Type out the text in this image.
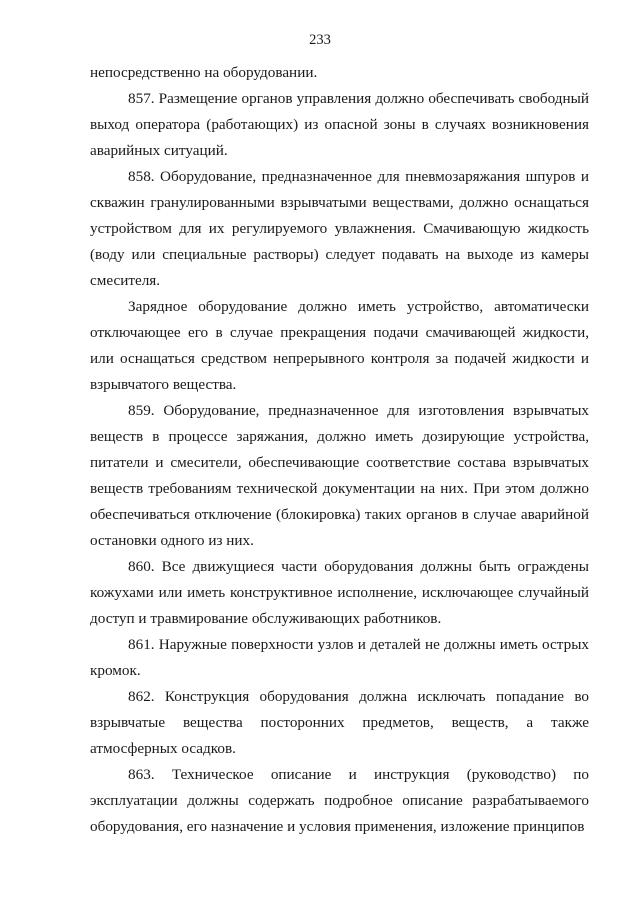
233

непосредственно на оборудовании.

857. Размещение органов управления должно обеспечивать свободный выход оператора (работающих) из опасной зоны в случаях возникновения аварийных ситуаций.

858. Оборудование, предназначенное для пневмозаряжания шпуров и скважин гранулированными взрывчатыми веществами, должно оснащаться устройством для их регулируемого увлажнения. Смачивающую жидкость (воду или специальные растворы) следует подавать на выходе из камеры смесителя.

Зарядное оборудование должно иметь устройство, автоматически отключающее его в случае прекращения подачи смачивающей жидкости, или оснащаться средством непрерывного контроля за подачей жидкости и взрывчатого вещества.

859. Оборудование, предназначенное для изготовления взрывчатых веществ в процессе заряжания, должно иметь дозирующие устройства, питатели и смесители, обеспечивающие соответствие состава взрывчатых веществ требованиям технической документации на них. При этом должно обеспечиваться отключение (блокировка) таких органов в случае аварийной остановки одного из них.

860. Все движущиеся части оборудования должны быть ограждены кожухами или иметь конструктивное исполнение, исключающее случайный доступ и травмирование обслуживающих работников.

861. Наружные поверхности узлов и деталей не должны иметь острых кромок.

862. Конструкция оборудования должна исключать попадание во взрывчатые вещества посторонних предметов, веществ, а также атмосферных осадков.

863. Техническое описание и инструкция (руководство) по эксплуатации должны содержать подробное описание разрабатываемого оборудования, его назначение и условия применения, изложение принципов
